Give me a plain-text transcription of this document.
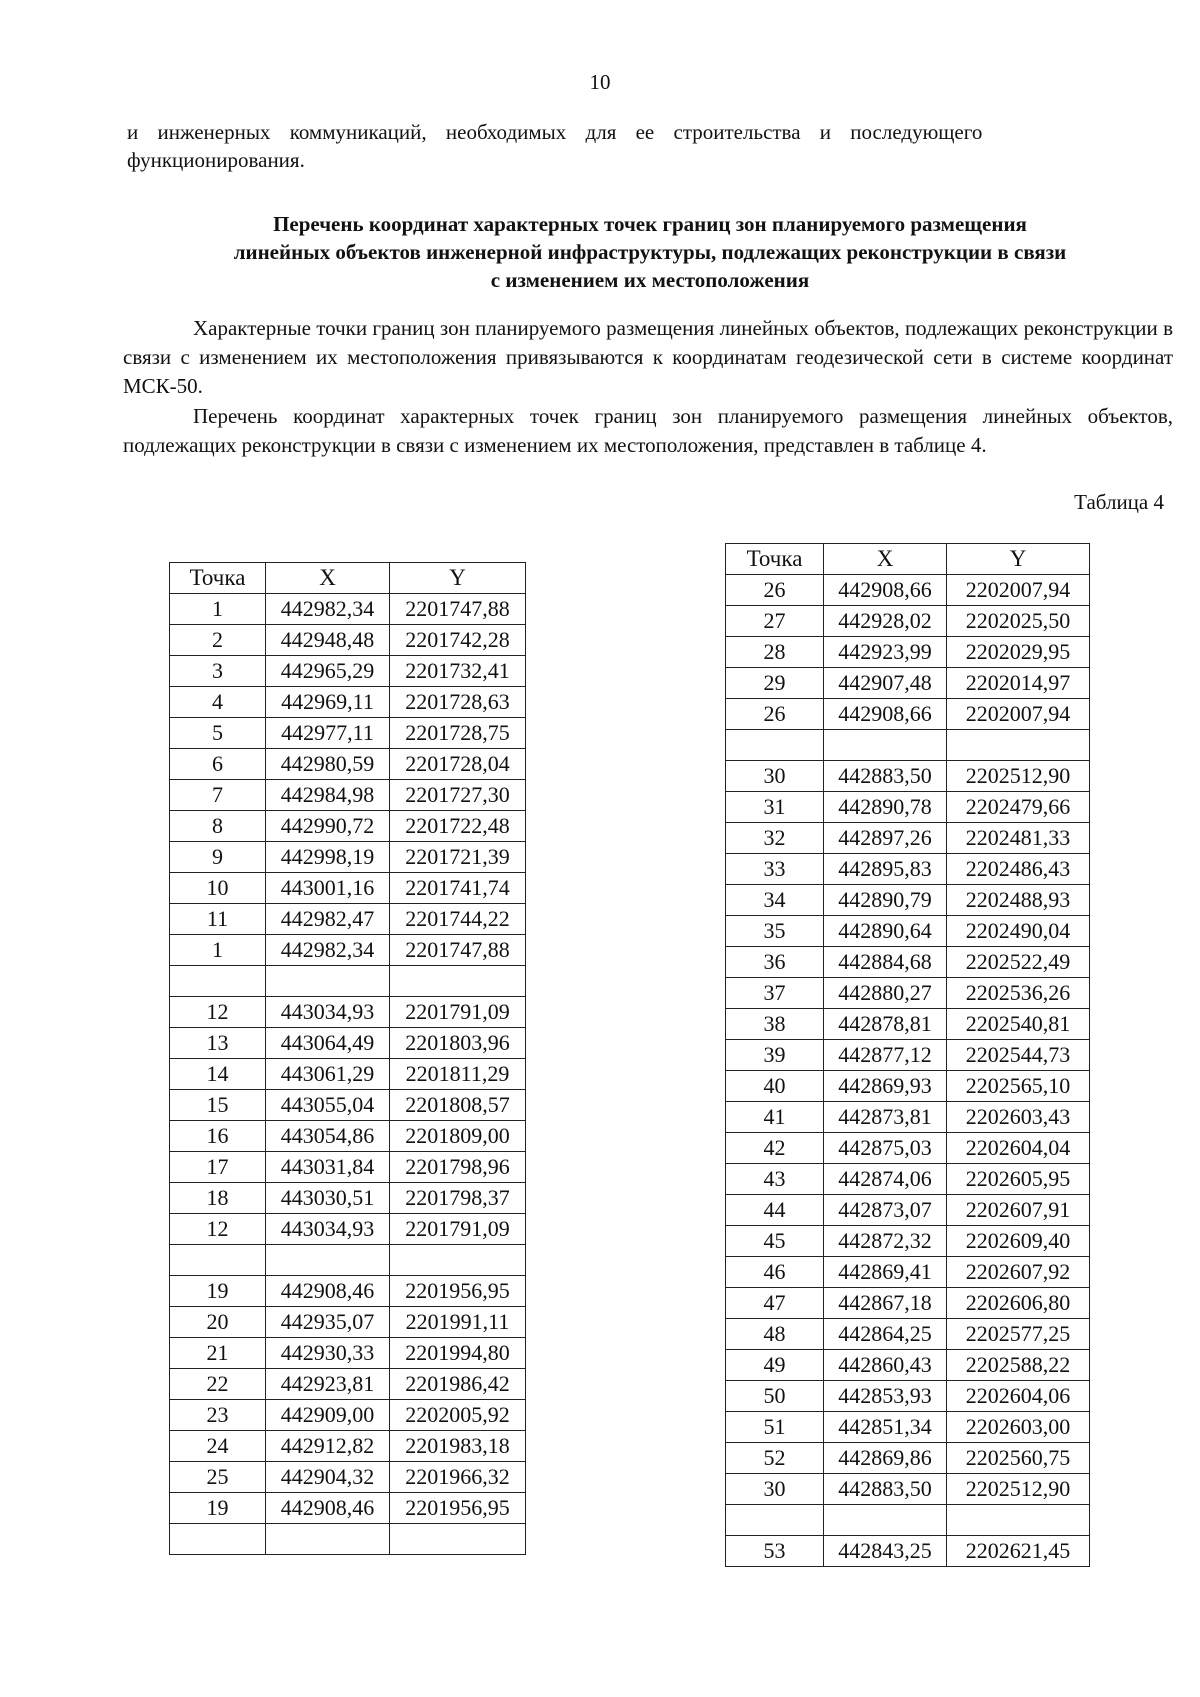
10
и инженерных коммуникаций, необходимых для ее строительства и последующего
функционирования.
Перечень координат характерных точек границ зон планируемого размещения
линейных объектов инженерной инфраструктуры, подлежащих реконструкции в связи
с изменением их местоположения
Характерные точки границ зон планируемого размещения линейных объектов, подлежащих реконструкции в связи с изменением их местоположения привязываются к координатам геодезической сети в системе координат МСК-50.
Перечень координат характерных точек границ зон планируемого размещения линейных объектов, подлежащих реконструкции в связи с изменением их местоположения, представлен в таблице 4.
Таблица 4
Точка	X	Y
1	442982,34	2201747,88
2	442948,48	2201742,28
3	442965,29	2201732,41
4	442969,11	2201728,63
5	442977,11	2201728,75
6	442980,59	2201728,04
7	442984,98	2201727,30
8	442990,72	2201722,48
9	442998,19	2201721,39
10	443001,16	2201741,74
11	442982,47	2201744,22
1	442982,34	2201747,88

12	443034,93	2201791,09
13	443064,49	2201803,96
14	443061,29	2201811,29
15	443055,04	2201808,57
16	443054,86	2201809,00
17	443031,84	2201798,96
18	443030,51	2201798,37
12	443034,93	2201791,09

19	442908,46	2201956,95
20	442935,07	2201991,11
21	442930,33	2201994,80
22	442923,81	2201986,42
23	442909,00	2202005,92
24	442912,82	2201983,18
25	442904,32	2201966,32
19	442908,46	2201956,95

Точка	X	Y
26	442908,66	2202007,94
27	442928,02	2202025,50
28	442923,99	2202029,95
29	442907,48	2202014,97
26	442908,66	2202007,94

30	442883,50	2202512,90
31	442890,78	2202479,66
32	442897,26	2202481,33
33	442895,83	2202486,43
34	442890,79	2202488,93
35	442890,64	2202490,04
36	442884,68	2202522,49
37	442880,27	2202536,26
38	442878,81	2202540,81
39	442877,12	2202544,73
40	442869,93	2202565,10
41	442873,81	2202603,43
42	442875,03	2202604,04
43	442874,06	2202605,95
44	442873,07	2202607,91
45	442872,32	2202609,40
46	442869,41	2202607,92
47	442867,18	2202606,80
48	442864,25	2202577,25
49	442860,43	2202588,22
50	442853,93	2202604,06
51	442851,34	2202603,00
52	442869,86	2202560,75
30	442883,50	2202512,90

53	442843,25	2202621,45
